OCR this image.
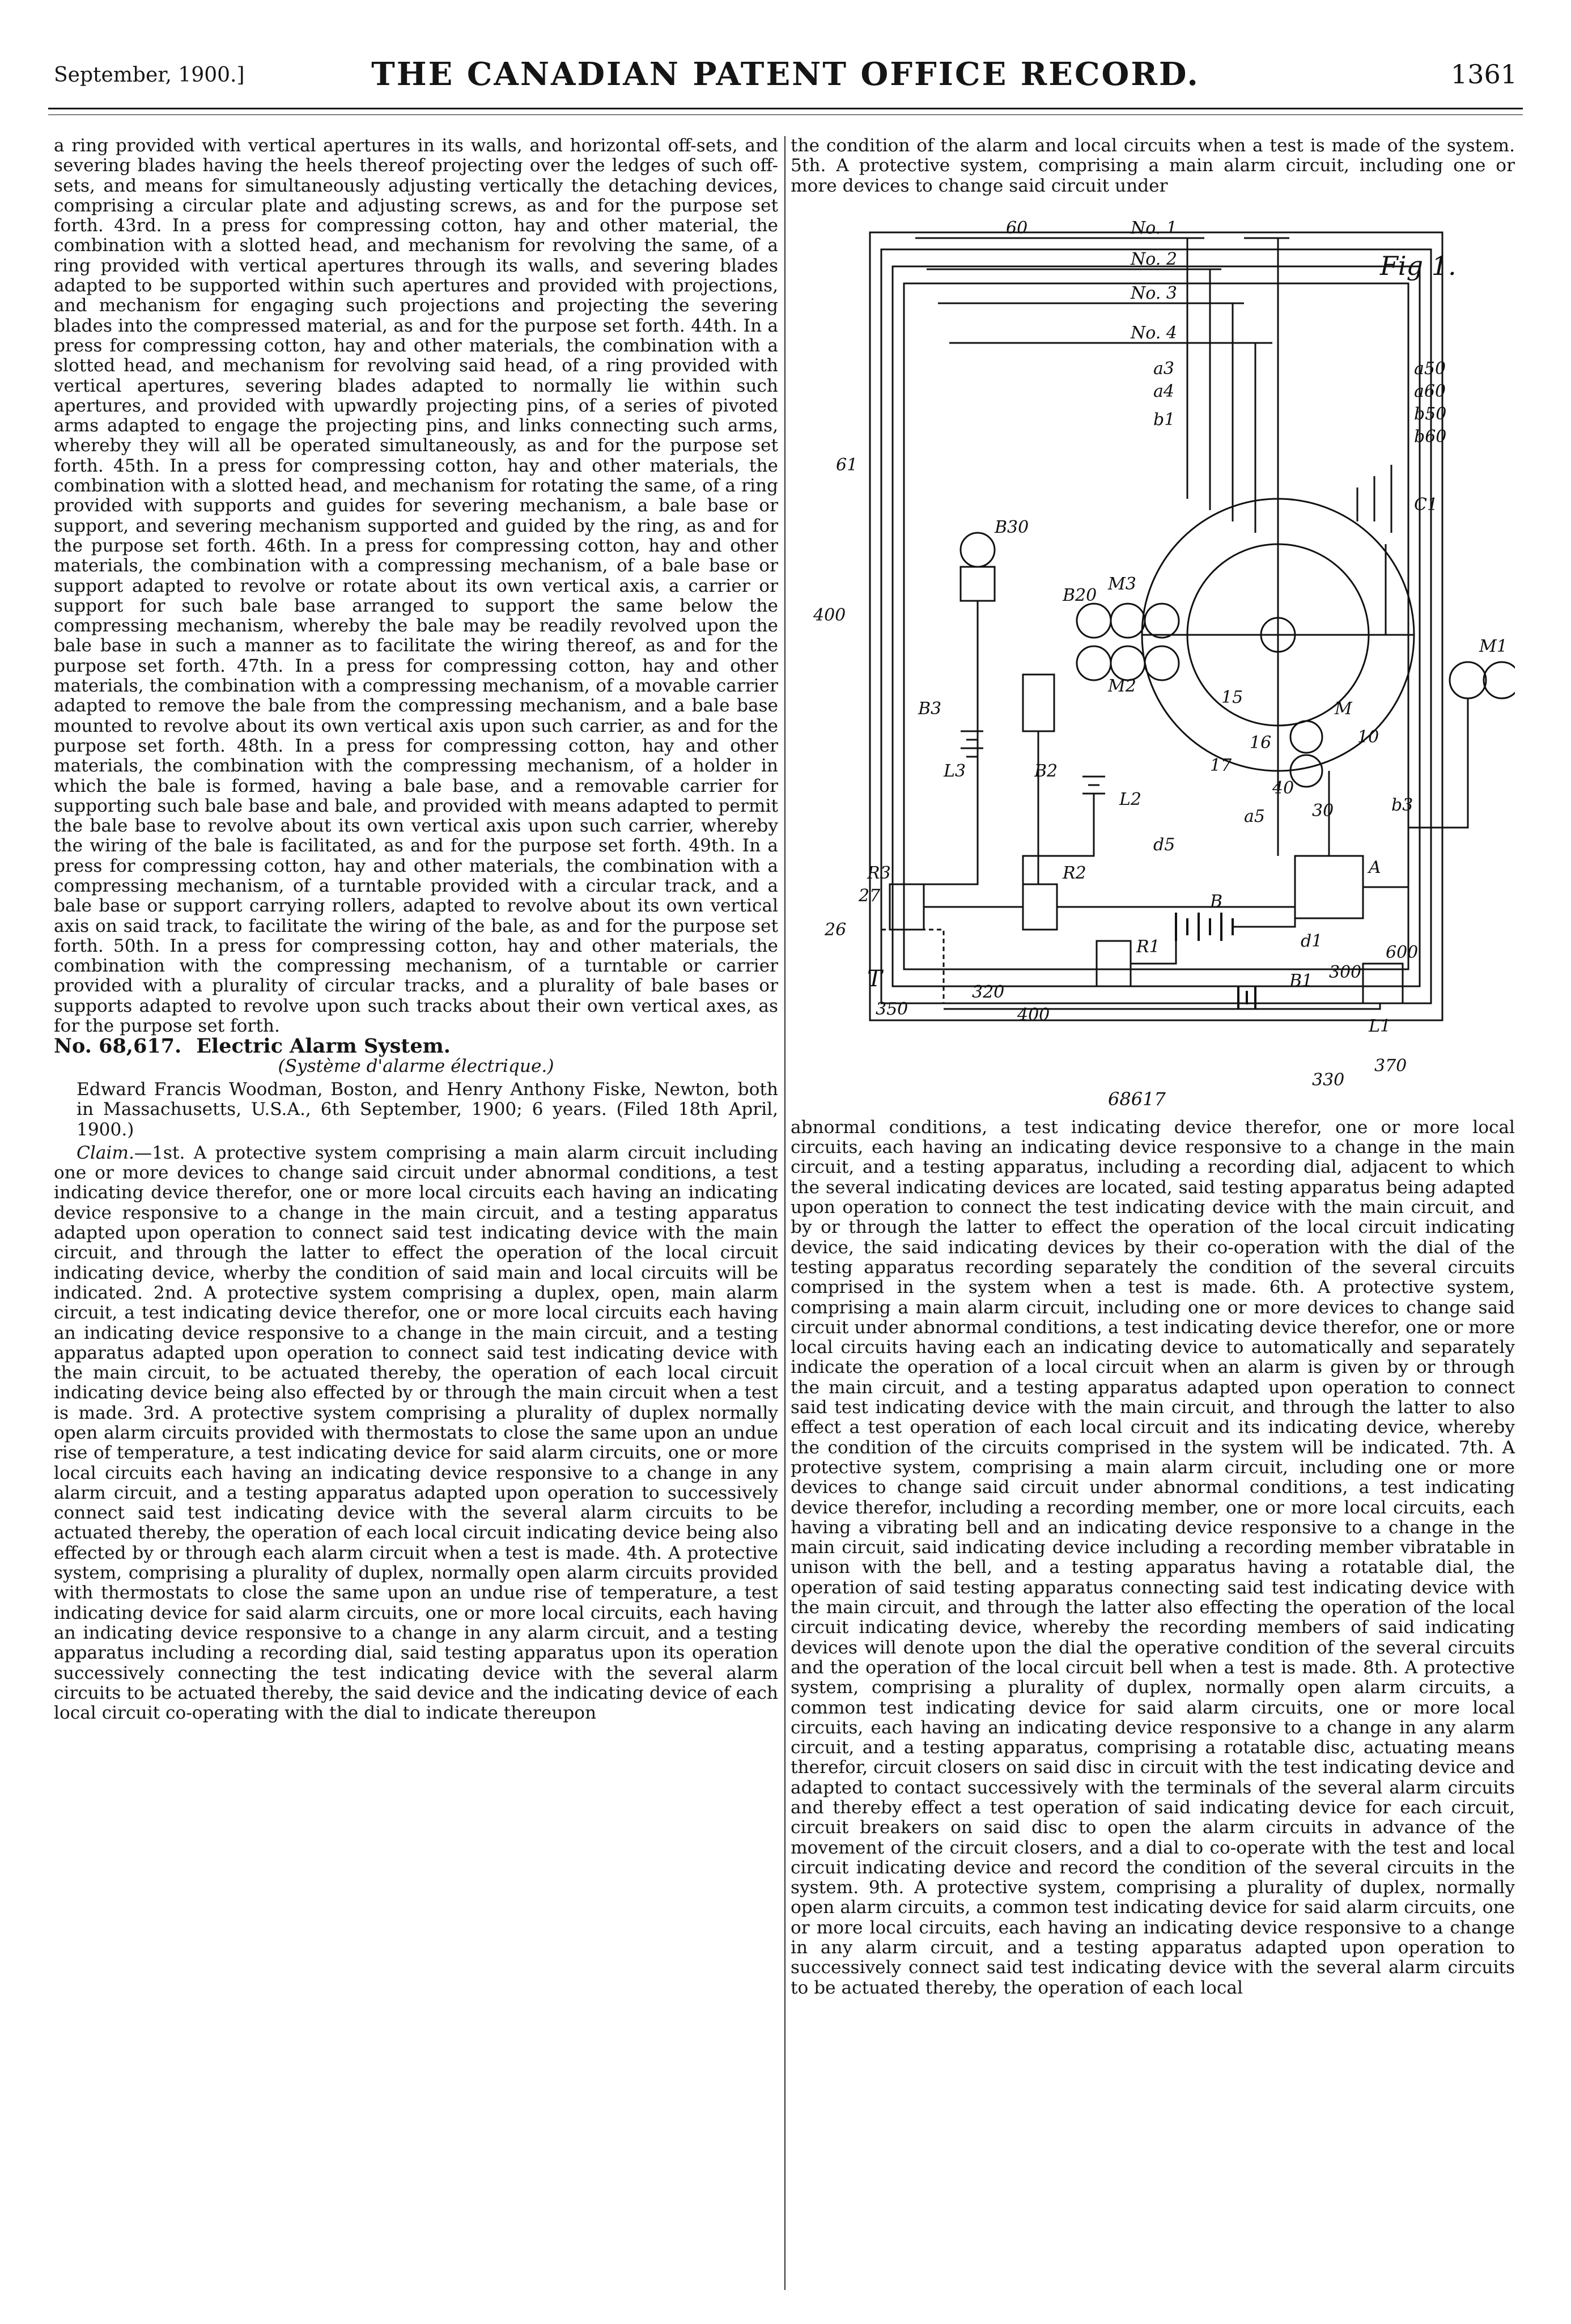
September, 1900.]	THE CANADIAN PATENT OFFICE RECORD.	1361

a ring provided with vertical apertures in its walls, and horizontal off-sets, and severing blades having the heels thereof projecting over the ledges of such off-sets, and means for simultaneously adjusting vertically the detaching devices, comprising a circular plate and adjusting screws, as and for the purpose set forth. 43rd. In a press for compressing cotton, hay and other material, the combination with a slotted head, and mechanism for revolving the same, of a ring provided with vertical apertures through its walls, and severing blades adapted to be supported within such apertures and provided with projections, and mechanism for engaging such projections and projecting the severing blades into the compressed material, as and for the purpose set forth. 44th. In a press for compressing cotton, hay and other materials, the combination with a slotted head, and mechanism for revolving said head, of a ring provided with vertical apertures, severing blades adapted to normally lie within such apertures, and provided with upwardly projecting pins, of a series of pivoted arms adapted to engage the projecting pins, and links connecting such arms, whereby they will all be operated simultaneously, as and for the purpose set forth. 45th. In a press for compressing cotton, hay and other materials, the combination with a slotted head, and mechanism for rotating the same, of a ring provided with supports and guides for severing mechanism, a bale base or support, and severing mechanism supported and guided by the ring, as and for the purpose set forth. 46th. In a press for compressing cotton, hay and other materials, the combination with a compressing mechanism, of a bale base or support adapted to revolve or rotate about its own vertical axis, a carrier or support for such bale base arranged to support the same below the compressing mechanism, whereby the bale may be readily revolved upon the bale base in such a manner as to facilitate the wiring thereof, as and for the purpose set forth. 47th. In a press for compressing cotton, hay and other materials, the combination with a compressing mechanism, of a movable carrier adapted to remove the bale from the compressing mechanism, and a bale base mounted to revolve about its own vertical axis upon such carrier, as and for the purpose set forth. 48th. In a press for compressing cotton, hay and other materials, the combination with the compressing mechanism, of a holder in which the bale is formed, having a bale base, and a removable carrier for supporting such bale base and bale, and provided with means adapted to permit the bale base to revolve about its own vertical axis upon such carrier, whereby the wiring of the bale is facilitated, as and for the purpose set forth. 49th. In a press for compressing cotton, hay and other materials, the combination with a compressing mechanism, of a turntable provided with a circular track, and a bale base or support carrying rollers, adapted to revolve about its own vertical axis on said track, to facilitate the wiring of the bale, as and for the purpose set forth. 50th. In a press for compressing cotton, hay and other materials, the combination with the compressing mechanism, of a turntable or carrier provided with a plurality of circular tracks, and a plurality of bale bases or supports adapted to revolve upon such tracks about their own vertical axes, as for the purpose set forth.

No. 68,617. Electric Alarm System.

(Système d'alarme électrique.)

Edward Francis Woodman, Boston, and Henry Anthony Fiske, Newton, both in Massachusetts, U.S.A., 6th September, 1900; 6 years. (Filed 18th April, 1900.)

Claim.—1st. A protective system comprising a main alarm circuit including one or more devices to change said circuit under abnormal conditions, a test indicating device therefor, one or more local circuits each having an indicating device responsive to a change in the main circuit, and a testing apparatus adapted upon operation to connect said test indicating device with the main circuit, and through the latter to effect the operation of the local circuit indicating device, wherby the condition of said main and local circuits will be indicated. 2nd. A protective system comprising a duplex, open, main alarm circuit, a test indicating device therefor, one or more local circuits each having an indicating device responsive to a change in the main circuit, and a testing apparatus adapted upon operation to connect said test indicating device with the main circuit, to be actuated thereby, the operation of each local circuit indicating device being also effected by or through the main circuit when a test is made. 3rd. A protective system comprising a plurality of duplex normally open alarm circuits provided with thermostats to close the same upon an undue rise of temperature, a test indicating device for said alarm circuits, one or more local circuits each having an indicating device responsive to a change in any alarm circuit, and a testing apparatus adapted upon operation to successively connect said test indicating device with the several alarm circuits to be actuated thereby, the operation of each local circuit indicating device being also effected by or through each alarm circuit when a test is made. 4th. A protective system, comprising a plurality of duplex, normally open alarm circuits provided with thermostats to close the same upon an undue rise of temperature, a test indicating device for said alarm circuits, one or more local circuits, each having an indicating device responsive to a change in any alarm circuit, and a testing apparatus including a recording dial, said testing apparatus upon its operation successively connecting the test indicating device with the several alarm circuits to be actuated thereby, the said device and the indicating device of each local circuit co-operating with the dial to indicate thereupon

the condition of the alarm and local circuits when a test is made of the system. 5th. A protective system, comprising a main alarm circuit, including one or more devices to change said circuit under

60	No. 1
No. 2
No. 3
No. 4
Fig 1.
a50
a60
b50
b60
a3
a4
b1
61
B30
B20
M3
M2
C1
M1
M
400
B3
L3	B2
L2
17
15
16	10
30
40
a5
b3
d5
B
A
d1
R3	R2
R1
27
26
B1
600
300
T
350
320
400
L1
370
330
68617

abnormal conditions, a test indicating device therefor, one or more local circuits, each having an indicating device responsive to a change in the main circuit, and a testing apparatus, including a recording dial, adjacent to which the several indicating devices are located, said testing apparatus being adapted upon operation to connect the test indicating device with the main circuit, and by or through the latter to effect the operation of the local circuit indicating device, the said indicating devices by their co-operation with the dial of the testing apparatus recording separately the condition of the several circuits comprised in the system when a test is made. 6th. A protective system, comprising a main alarm circuit, including one or more devices to change said circuit under abnormal conditions, a test indicating device therefor, one or more local circuits having each an indicating device to automatically and separately indicate the operation of a local circuit when an alarm is given by or through the main circuit, and a testing apparatus adapted upon operation to connect said test indicating device with the main circuit, and through the latter to also effect a test operation of each local circuit and its indicating device, whereby the condition of the circuits comprised in the system will be indicated. 7th. A protective system, comprising a main alarm circuit, including one or more devices to change said circuit under abnormal conditions, a test indicating device therefor, including a recording member, one or more local circuits, each having a vibrating bell and an indicating device responsive to a change in the main circuit, said indicating device including a recording member vibratable in unison with the bell, and a testing apparatus having a rotatable dial, the operation of said testing apparatus connecting said test indicating device with the main circuit, and through the latter also effecting the operation of the local circuit indicating device, whereby the recording members of said indicating devices will denote upon the dial the operative condition of the several circuits and the operation of the local circuit bell when a test is made. 8th. A protective system, comprising a plurality of duplex, normally open alarm circuits, a common test indicating device for said alarm circuits, one or more local circuits, each having an indicating device responsive to a change in any alarm circuit, and a testing apparatus, comprising a rotatable disc, actuating means therefor, circuit closers on said disc in circuit with the test indicating device and adapted to contact successively with the terminals of the several alarm circuits and thereby effect a test operation of said indicating device for each circuit, circuit breakers on said disc to open the alarm circuits in advance of the movement of the circuit closers, and a dial to co-operate with the test and local circuit indicating device and record the condition of the several circuits in the system. 9th. A protective system, comprising a plurality of duplex, normally open alarm circuits, a common test indicating device for said alarm circuits, one or more local circuits, each having an indicating device responsive to a change in any alarm circuit, and a testing apparatus adapted upon operation to successively connect said test indicating device with the several alarm circuits to be actuated thereby, the operation of each local
